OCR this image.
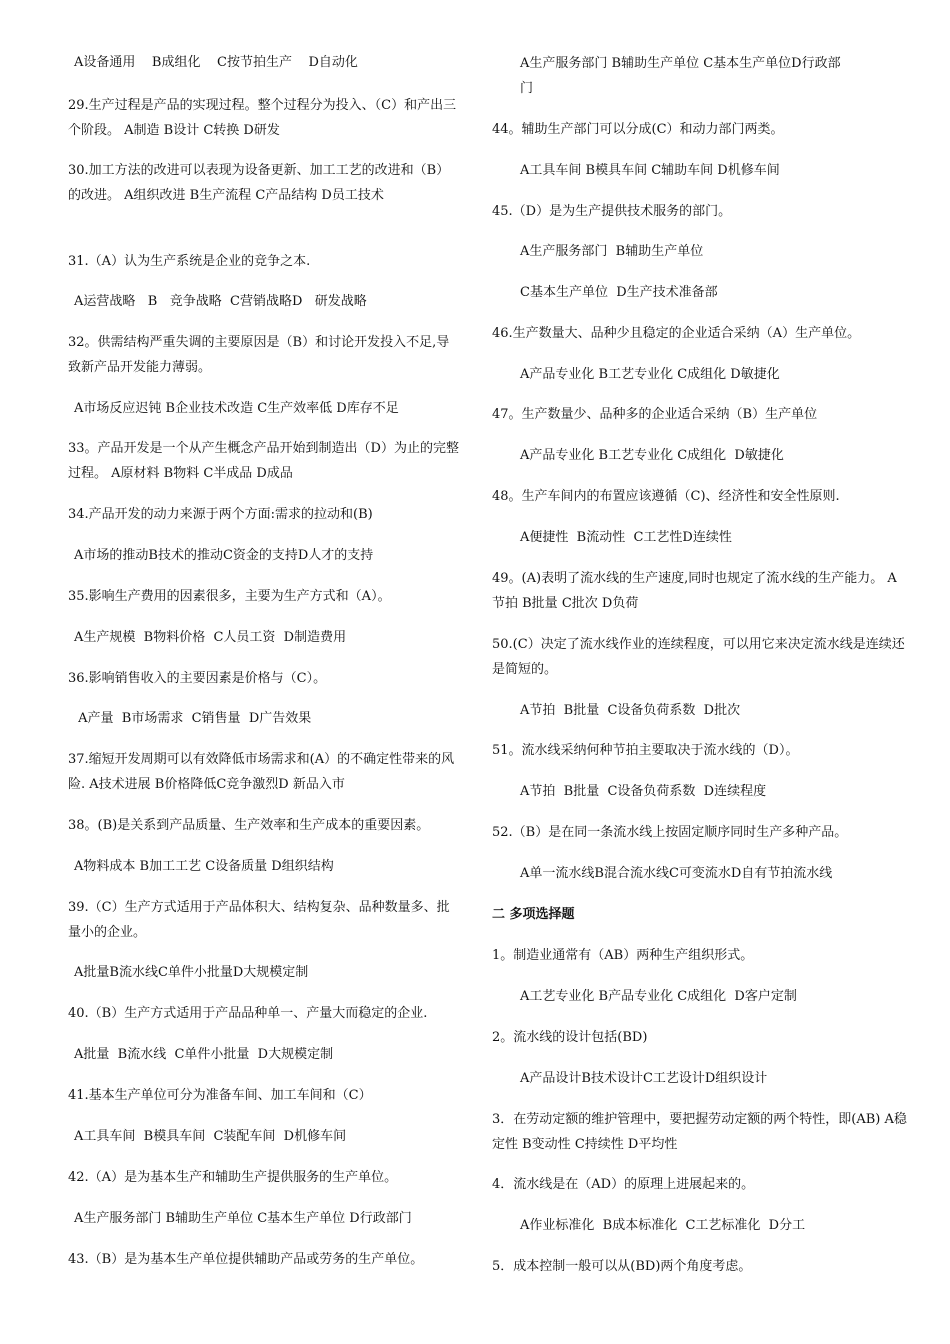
A设备通用    B成组化    C按节拍生产    D自动化
29.生产过程是产品的实现过程。整个过程分为投入、（C）和产出三个阶段。 A制造 B设计 C转换 D研发
30.加工方法的改进可以表现为设备更新、加工工艺的改进和（B）的改进。 A组织改进 B生产流程 C产品结构 D员工技术
31.（A）认为生产系统是企业的竞争之本.
A运营战略   B   竞争战略  C营销战略D   研发战略
32。供需结构严重失调的主要原因是（B）和讨论开发投入不足,导致新产品开发能力薄弱。
A市场反应迟钝 B企业技术改造 C生产效率低 D库存不足
33。产品开发是一个从产生概念产品开始到制造出（D）为止的完整过程。 A原材料 B物料 C半成品 D成品
34.产品开发的动力来源于两个方面:需求的拉动和(B)
A市场的推动B技术的推动C资金的支持D人才的支持
35.影响生产费用的因素很多，主要为生产方式和（A）。
A生产规模  B物料价格  C人员工资  D制造费用
36.影响销售收入的主要因素是价格与（C）。
A产量  B市场需求  C销售量  D广告效果
37.缩短开发周期可以有效降低市场需求和(A）的不确定性带来的风险. A技术进展 B价格降低C竞争激烈D 新品入市
38。(B)是关系到产品质量、生产效率和生产成本的重要因素。
A物料成本 B加工工艺 C设备质量 D组织结构
39.（C）生产方式适用于产品体积大、结构复杂、品种数量多、批量小的企业。
A批量B流水线C单件小批量D大规模定制
40.（B）生产方式适用于产品品种单一、产量大而稳定的企业.
A批量  B流水线  C单件小批量  D大规模定制
41.基本生产单位可分为准备车间、加工车间和（C）
A工具车间  B模具车间  C装配车间  D机修车间
42.（A）是为基本生产和辅助生产提供服务的生产单位。
A生产服务部门 B辅助生产单位 C基本生产单位 D行政部门
43.（B）是为基本生产单位提供辅助产品或劳务的生产单位。
A生产服务部门 B辅助生产单位 C基本生产单位D行政部
门
44。辅助生产部门可以分成(C）和动力部门两类。
A工具车间 B模具车间 C辅助车间 D机修车间
45.（D）是为生产提供技术服务的部门。
A生产服务部门  B辅助生产单位
C基本生产单位  D生产技术准备部
46.生产数量大、品种少且稳定的企业适合采纳（A）生产单位。
A产品专业化 B工艺专业化 C成组化 D敏捷化
47。生产数量少、品种多的企业适合采纳（B）生产单位
A产品专业化 B工艺专业化 C成组化  D敏捷化
48。生产车间内的布置应该遵循（C)、经济性和安全性原则.
A便捷性  B流动性  C工艺性D连续性
49。(A)表明了流水线的生产速度,同时也规定了流水线的生产能力。 A节拍 B批量 C批次 D负荷
50.(C）决定了流水线作业的连续程度，可以用它来决定流水线是连续还是简短的。
A节拍  B批量  C设备负荷系数  D批次
51。流水线采纳何种节拍主要取决于流水线的（D）。
A节拍  B批量  C设备负荷系数  D连续程度
52.（B）是在同一条流水线上按固定顺序同时生产多种产品。
A单一流水线B混合流水线C可变流水D自有节拍流水线
二 多项选择题
1。制造业通常有（AB）两种生产组织形式。
A工艺专业化 B产品专业化 C成组化  D客户定制
2。流水线的设计包括(BD)
A产品设计B技术设计C工艺设计D组织设计
3．在劳动定额的维护管理中，要把握劳动定额的两个特性，即(AB) A稳定性 B变动性 C持续性 D平均性
4．流水线是在（AD）的原理上进展起来的。
A作业标准化  B成本标准化  C工艺标准化  D分工
5．成本控制一般可以从(BD)两个角度考虑。
